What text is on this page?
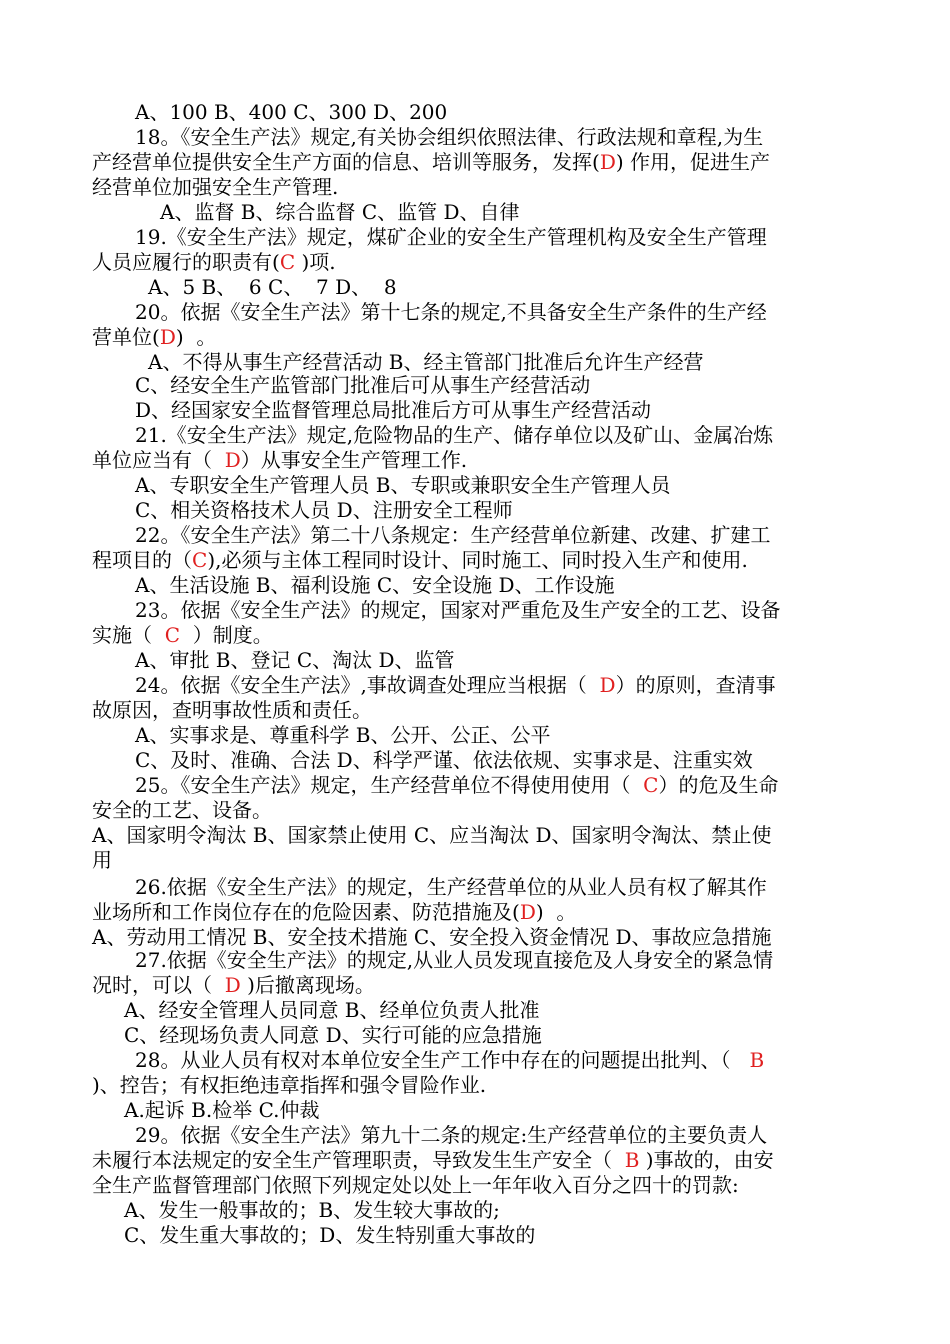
A、100 B、400 C、300 D、200
18。《安全生产法》规定,有关协会组织依照法律、行政法规和章程,为生
产经营单位提供安全生产方面的信息、培训等服务，发挥(D) 作用，促进生产
经营单位加强安全生产管理.
A、监督 B、综合监督 C、监管 D、自律
19.《安全生产法》规定，煤矿企业的安全生产管理机构及安全生产管理
人员应履行的职责有(C )项.
A、5 B、  6 C、  7 D、  8
20。依据《安全生产法》第十七条的规定,不具备安全生产条件的生产经
营单位(D)  。
A、不得从事生产经营活动 B、经主管部门批准后允许生产经营
C、经安全生产监管部门批准后可从事生产经营活动
D、经国家安全监督管理总局批准后方可从事生产经营活动
21.《安全生产法》规定,危险物品的生产、储存单位以及矿山、金属冶炼
单位应当有（  D）从事安全生产管理工作.
A、专职安全生产管理人员 B、专职或兼职安全生产管理人员
C、相关资格技术人员 D、注册安全工程师
22。《安全生产法》第二十八条规定：生产经营单位新建、改建、扩建工
程项目的（C),必须与主体工程同时设计、同时施工、同时投入生产和使用.
A、生活设施 B、福利设施 C、安全设施 D、工作设施
23。依据《安全生产法》的规定，国家对严重危及生产安全的工艺、设备
实施（  C  ）制度。
A、审批 B、登记 C、淘汰 D、监管
24。依据《安全生产法》,事故调查处理应当根据（  D）的原则，查清事
故原因，查明事故性质和责任。
A、实事求是、尊重科学 B、公开、公正、公平
C、及时、准确、合法 D、科学严谨、依法依规、实事求是、注重实效
25。《安全生产法》规定，生产经营单位不得使用使用（  C）的危及生命
安全的工艺、设备。
A、国家明令淘汰 B、国家禁止使用 C、应当淘汰 D、国家明令淘汰、禁止使
用
26.依据《安全生产法》的规定，生产经营单位的从业人员有权了解其作
业场所和工作岗位存在的危险因素、防范措施及(D)  。
A、劳动用工情况 B、安全技术措施 C、安全投入资金情况 D、事故应急措施
27.依据《安全生产法》的规定,从业人员发现直接危及人身安全的紧急情
况时，可以（  D )后撤离现场。
A、经安全管理人员同意 B、经单位负责人批准
C、经现场负责人同意 D、实行可能的应急措施
28。从业人员有权对本单位安全生产工作中存在的问题提出批判、（   B
)、控告；有权拒绝违章指挥和强令冒险作业.
A.起诉 B.检举 C.仲裁
29。依据《安全生产法》第九十二条的规定:生产经营单位的主要负责人
未履行本法规定的安全生产管理职责，导致发生生产安全（  B )事故的，由安
全生产监督管理部门依照下列规定处以处上一年年收入百分之四十的罚款:
A、发生一般事故的；B、发生较大事故的;
C、发生重大事故的；D、发生特别重大事故的
